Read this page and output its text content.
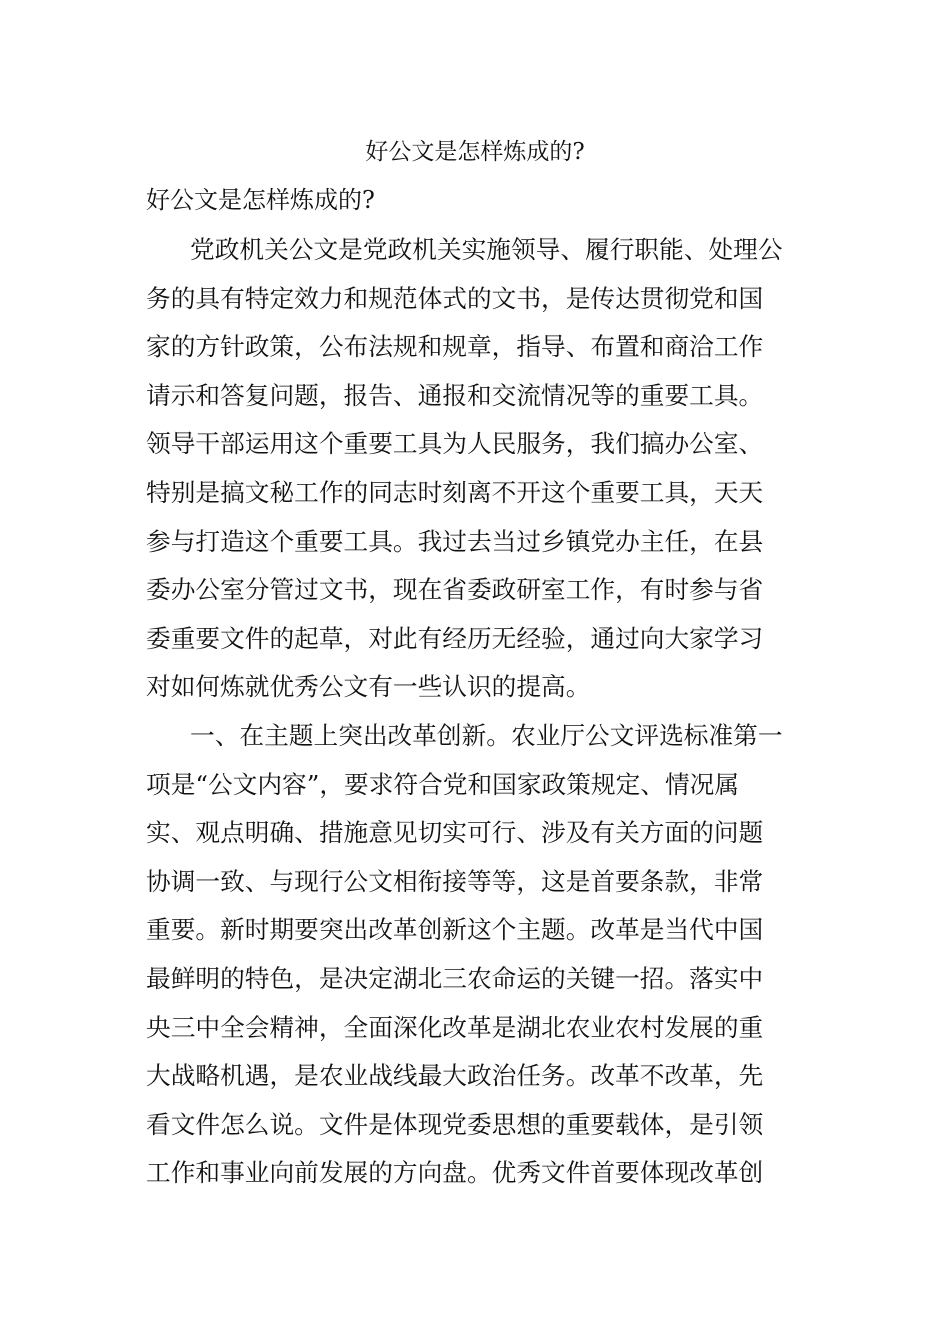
好公文是怎样炼成的?
好公文是怎样炼成的?
党政机关公文是党政机关实施领导、履行职能、处理公
务的具有特定效力和规范体式的文书，是传达贯彻党和国
家的方针政策，公布法规和规章，指导、布置和商洽工作
请示和答复问题，报告、通报和交流情况等的重要工具。
领导干部运用这个重要工具为人民服务，我们搞办公室、
特别是搞文秘工作的同志时刻离不开这个重要工具，天天
参与打造这个重要工具。我过去当过乡镇党办主任，在县
委办公室分管过文书，现在省委政研室工作，有时参与省
委重要文件的起草，对此有经历无经验，通过向大家学习
对如何炼就优秀公文有一些认识的提高。
一、在主题上突出改革创新。农业厅公文评选标准第一
项是“公文内容”，要求符合党和国家政策规定、情况属
实、观点明确、措施意见切实可行、涉及有关方面的问题
协调一致、与现行公文相衔接等等，这是首要条款，非常
重要。新时期要突出改革创新这个主题。改革是当代中国
最鲜明的特色，是决定湖北三农命运的关键一招。落实中
央三中全会精神，全面深化改革是湖北农业农村发展的重
大战略机遇，是农业战线最大政治任务。改革不改革，先
看文件怎么说。文件是体现党委思想的重要载体，是引领
工作和事业向前发展的方向盘。优秀文件首要体现改革创
